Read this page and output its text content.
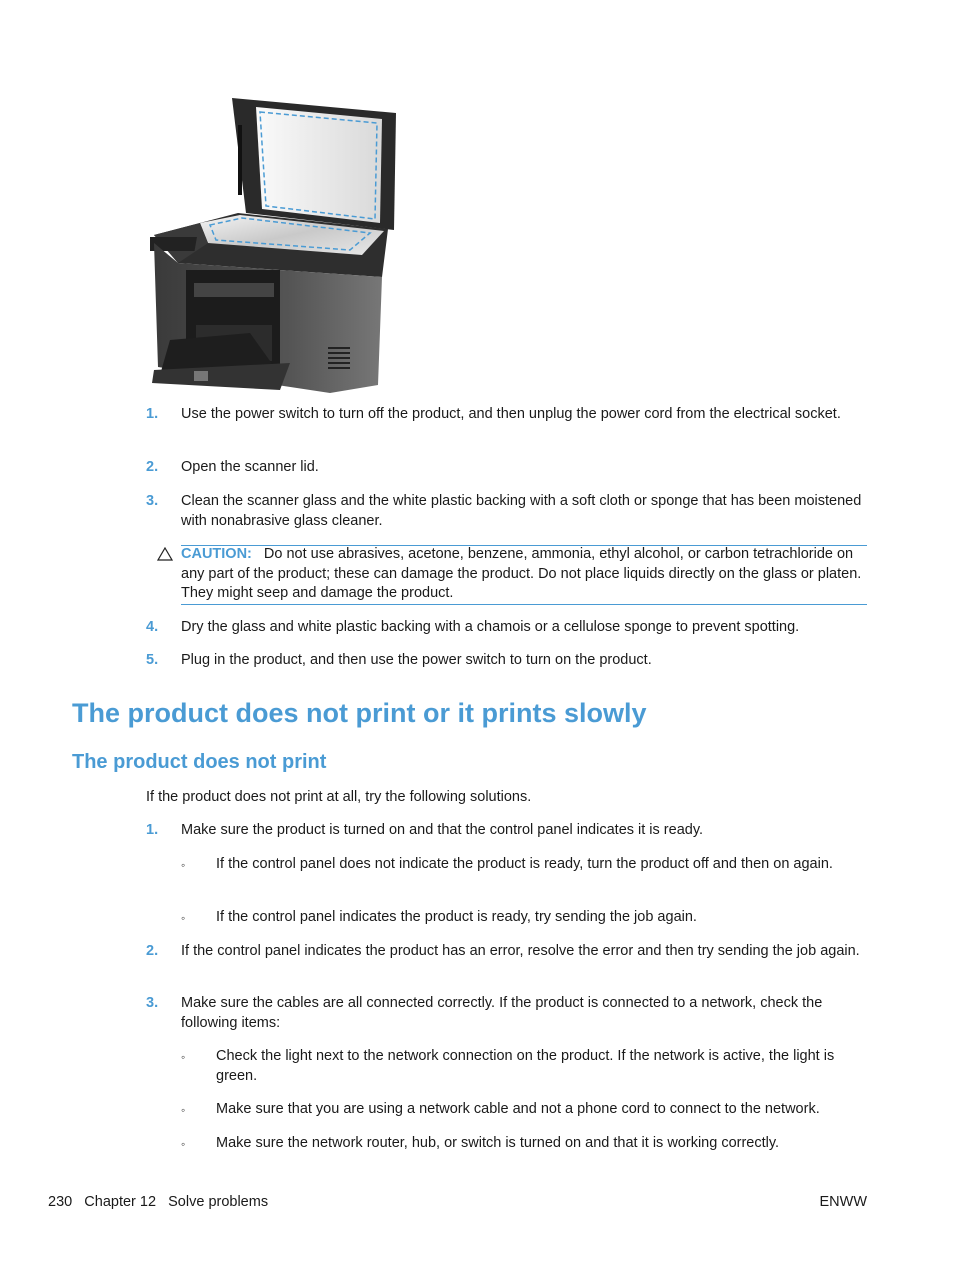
1. Use the power switch to turn off the product, and then unplug the power cord from the electrical socket.
2. Open the scanner lid.
3. Clean the scanner glass and the white plastic backing with a soft cloth or sponge that has been moistened with nonabrasive glass cleaner.
CAUTION: Do not use abrasives, acetone, benzene, ammonia, ethyl alcohol, or carbon tetrachloride on any part of the product; these can damage the product. Do not place liquids directly on the glass or platen. They might seep and damage the product.
4. Dry the glass and white plastic backing with a chamois or a cellulose sponge to prevent spotting.
5. Plug in the product, and then use the power switch to turn on the product.
The product does not print or it prints slowly
The product does not print
If the product does not print at all, try the following solutions.
1. Make sure the product is turned on and that the control panel indicates it is ready.
◦ If the control panel does not indicate the product is ready, turn the product off and then on again.
◦ If the control panel indicates the product is ready, try sending the job again.
2. If the control panel indicates the product has an error, resolve the error and then try sending the job again.
3. Make sure the cables are all connected correctly. If the product is connected to a network, check the following items:
◦ Check the light next to the network connection on the product. If the network is active, the light is green.
◦ Make sure that you are using a network cable and not a phone cord to connect to the network.
◦ Make sure the network router, hub, or switch is turned on and that it is working correctly.
230 Chapter 12 Solve problems	ENWW
